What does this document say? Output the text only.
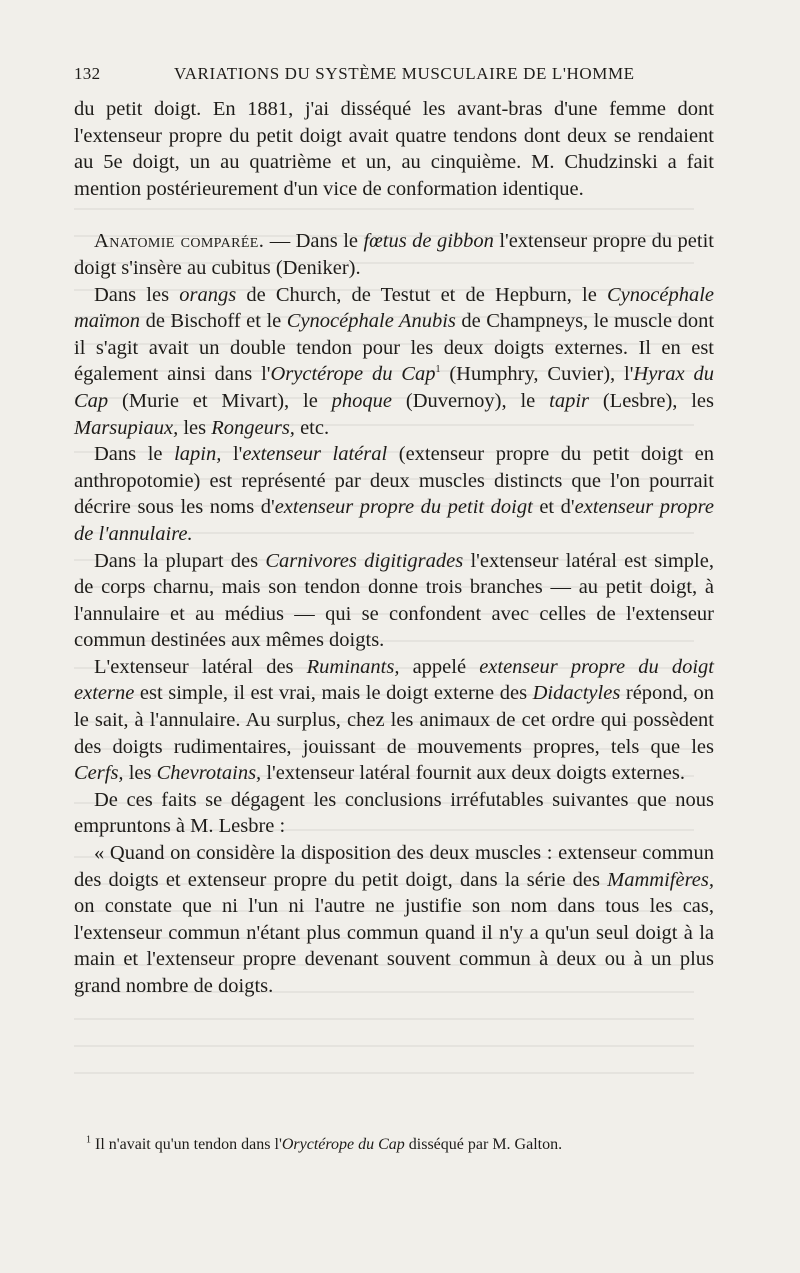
132	VARIATIONS DU SYSTÈME MUSCULAIRE DE L'HOMME

du petit doigt. En 1881, j'ai disséqué les avant-bras d'une femme dont l'extenseur propre du petit doigt avait quatre tendons dont deux se rendaient au 5e doigt, un au quatrième et un, au cinquième. M. Chudzinski a fait mention postérieurement d'un vice de conformation identique.

Anatomie comparée. — Dans le fœtus de gibbon l'extenseur propre du petit doigt s'insère au cubitus (Deniker).

Dans les orangs de Church, de Testut et de Hepburn, le Cynocéphale maïmon de Bischoff et le Cynocéphale Anubis de Champneys, le muscle dont il s'agit avait un double tendon pour les deux doigts externes. Il en est également ainsi dans l'Oryctérope du Cap$^1$ (Humphry, Cuvier), l'Hyrax du Cap (Murie et Mivart), le phoque (Duvernoy), le tapir (Lesbre), les Marsupiaux, les Rongeurs, etc.

Dans le lapin, l'extenseur latéral (extenseur propre du petit doigt en anthropotomie) est représenté par deux muscles distincts que l'on pourrait décrire sous les noms d'extenseur propre du petit doigt et d'extenseur propre de l'annulaire.

Dans la plupart des Carnivores digitigrades l'extenseur latéral est simple, de corps charnu, mais son tendon donne trois branches — au petit doigt, à l'annulaire et au médius — qui se confondent avec celles de l'extenseur commun destinées aux mêmes doigts.

L'extenseur latéral des Ruminants, appelé extenseur propre du doigt externe est simple, il est vrai, mais le doigt externe des Didactyles répond, on le sait, à l'annulaire. Au surplus, chez les animaux de cet ordre qui possèdent des doigts rudimentaires, jouissant de mouvements propres, tels que les Cerfs, les Chevrotains, l'extenseur latéral fournit aux deux doigts externes.

De ces faits se dégagent les conclusions irréfutables suivantes que nous empruntons à M. Lesbre :

« Quand on considère la disposition des deux muscles : extenseur commun des doigts et extenseur propre du petit doigt, dans la série des Mammifères, on constate que ni l'un ni l'autre ne justifie son nom dans tous les cas, l'extenseur commun n'étant plus commun quand il n'y a qu'un seul doigt à la main et l'extenseur propre devenant souvent commun à deux ou à un plus grand nombre de doigts.

$^1$ Il n'avait qu'un tendon dans l'Oryctérope du Cap disséqué par M. Galton.
